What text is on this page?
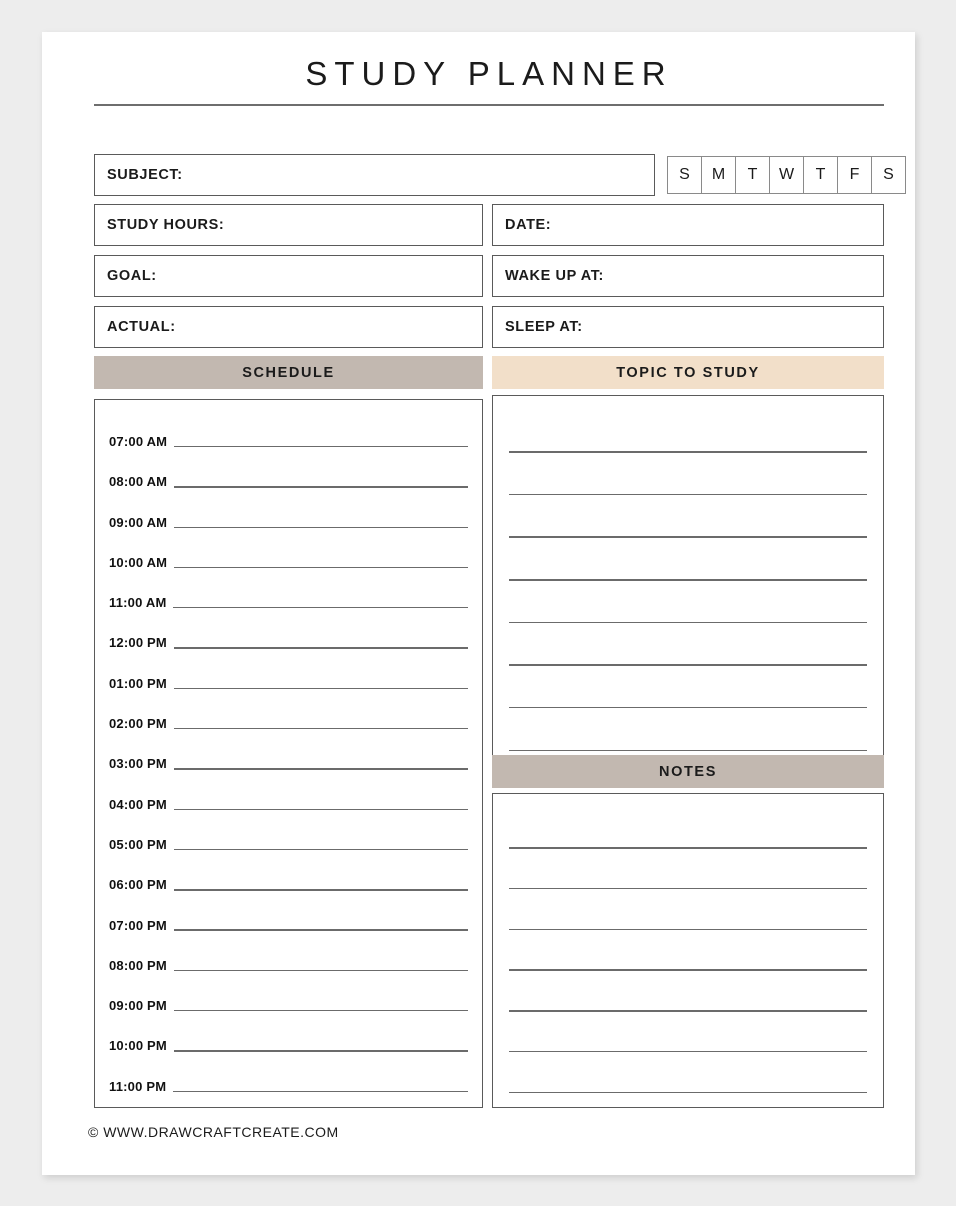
STUDY PLANNER
SUBJECT:	S	M	T	W	T	F	S
STUDY HOURS:
GOAL:
ACTUAL:
DATE:
WAKE UP AT:
SLEEP AT:
SCHEDULE	TOPIC TO STUDY
07:00 AM
08:00 AM
09:00 AM
10:00 AM
11:00 AM
12:00 PM
01:00 PM
02:00 PM
03:00 PM
04:00 PM
05:00 PM
06:00 PM
07:00 PM
08:00 PM
09:00 PM
10:00 PM
11:00 PM
NOTES
© WWW.DRAWCRAFTCREATE.COM
